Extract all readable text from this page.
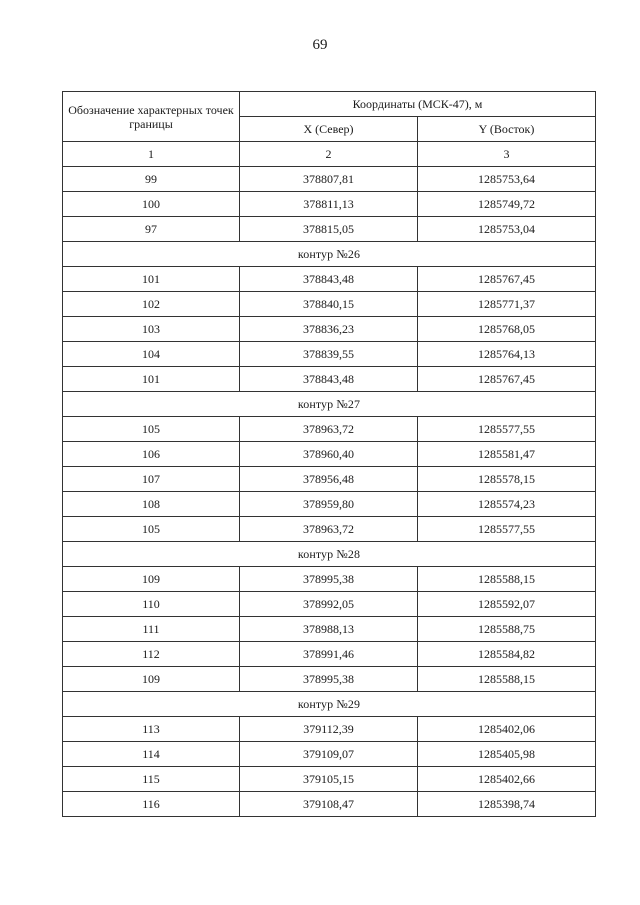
69
Обозначение характерных точек границы	Координаты (МСК-47), м	
	X (Север)	Y (Восток)
1	2	3
99	378807,81	1285753,64
100	378811,13	1285749,72
97	378815,05	1285753,04
контур №26		
101	378843,48	1285767,45
102	378840,15	1285771,37
103	378836,23	1285768,05
104	378839,55	1285764,13
101	378843,48	1285767,45
контур №27		
105	378963,72	1285577,55
106	378960,40	1285581,47
107	378956,48	1285578,15
108	378959,80	1285574,23
105	378963,72	1285577,55
контур №28		
109	378995,38	1285588,15
110	378992,05	1285592,07
111	378988,13	1285588,75
112	378991,46	1285584,82
109	378995,38	1285588,15
контур №29		
113	379112,39	1285402,06
114	379109,07	1285405,98
115	379105,15	1285402,66
116	379108,47	1285398,74
